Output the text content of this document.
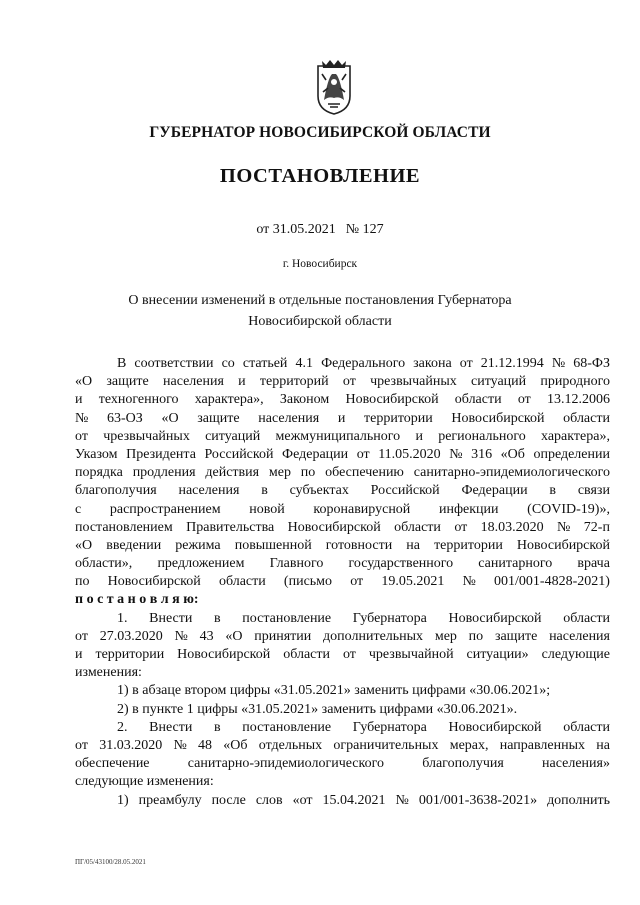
ГУБЕРНАТОР НОВОСИБИРСКОЙ ОБЛАСТИ
ПОСТАНОВЛЕНИЕ
от 31.05.2021 № 127
г. Новосибирск
О внесении изменений в отдельные постановления Губернатора
Новосибирской области
В соответствии со статьей 4.1 Федерального закона от 21.12.1994 № 68-ФЗ
«О защите населения и территорий от чрезвычайных ситуаций природного
и техногенного характера», Законом Новосибирской области от 13.12.2006
№ 63-ОЗ «О защите населения и территории Новосибирской области
от чрезвычайных ситуаций межмуниципального и регионального характера»,
Указом Президента Российской Федерации от 11.05.2020 № 316 «Об определении
порядка продления действия мер по обеспечению санитарно-эпидемиологического
благополучия населения в субъектах Российской Федерации в связи
с распространением новой коронавирусной инфекции (COVID-19)»,
постановлением Правительства Новосибирской области от 18.03.2020 № 72-п
«О введении режима повышенной готовности на территории Новосибирской
области», предложением Главного государственного санитарного врача
по Новосибирской области (письмо от 19.05.2021 № 001/001-4828-2021)
п о с т а н о в л я ю:
1. Внести в постановление Губернатора Новосибирской области
от 27.03.2020 № 43 «О принятии дополнительных мер по защите населения
и территории Новосибирской области от чрезвычайной ситуации» следующие
изменения:
1) в абзаце втором цифры «31.05.2021» заменить цифрами «30.06.2021»;
2) в пункте 1 цифры «31.05.2021» заменить цифрами «30.06.2021».
2. Внести в постановление Губернатора Новосибирской области
от 31.03.2020 № 48 «Об отдельных ограничительных мерах, направленных на
обеспечение	санитарно-эпидемиологического	благополучия	населения»
следующие изменения:
1) преамбулу после слов «от 15.04.2021 № 001/001-3638-2021» дополнить
ПГ/05/43100/28.05.2021
